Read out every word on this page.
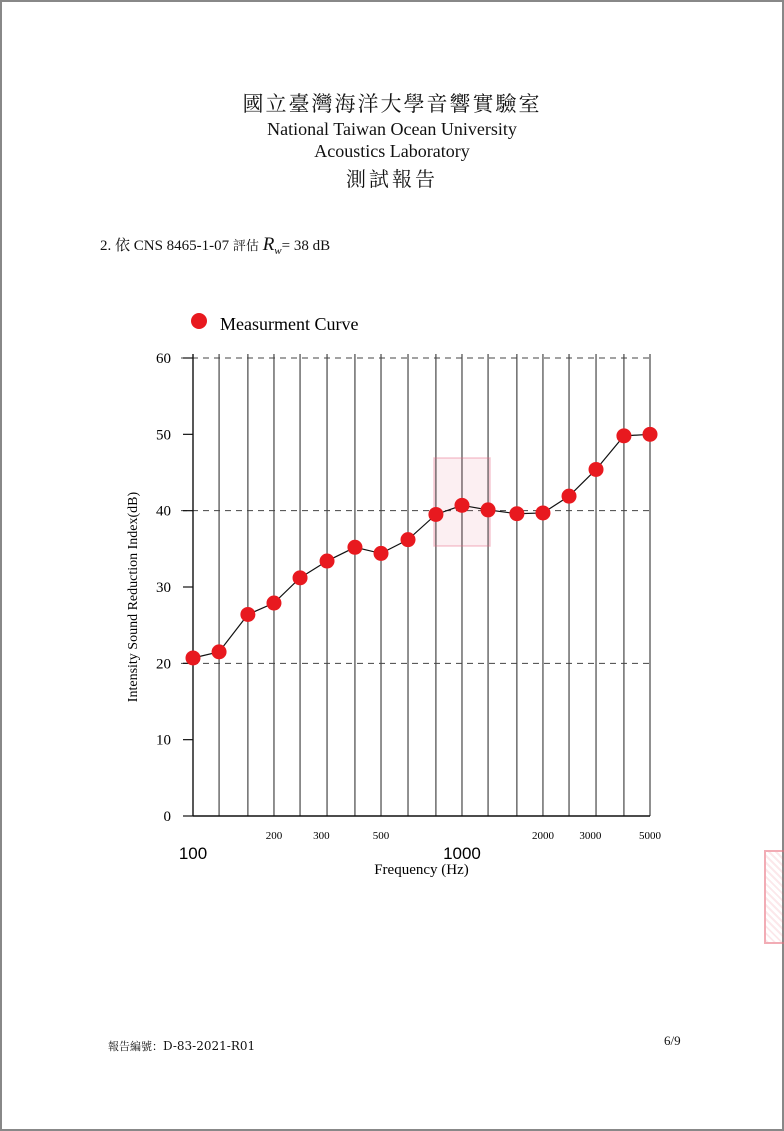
國立臺灣海洋大學音響實驗室
National Taiwan Ocean University
Acoustics Laboratory
測試報告
2. 依 CNS 8465-1-07 評估 $R_w= 38$ dB
0
10
20
30
40
50
60
100	1000
200	300	500	2000 3000	5000
Frequency (Hz)
Intensity Sound Reduction Index(dB)
Measurment Curve
報告編號：D-83-2021-R01	6/9
